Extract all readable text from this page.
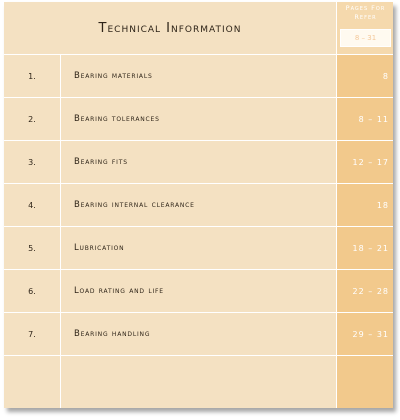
Technical Information
Pages For Refer
8 – 31
1.	Bearing materials	8
2.	Bearing tolerances	8 – 11
3.	Bearing fits	12 – 17
4.	Bearing internal clearance	18
5.	Lubrication	18 – 21
6.	Load rating and life	22 – 28
7.	Bearing handling	29 – 31
